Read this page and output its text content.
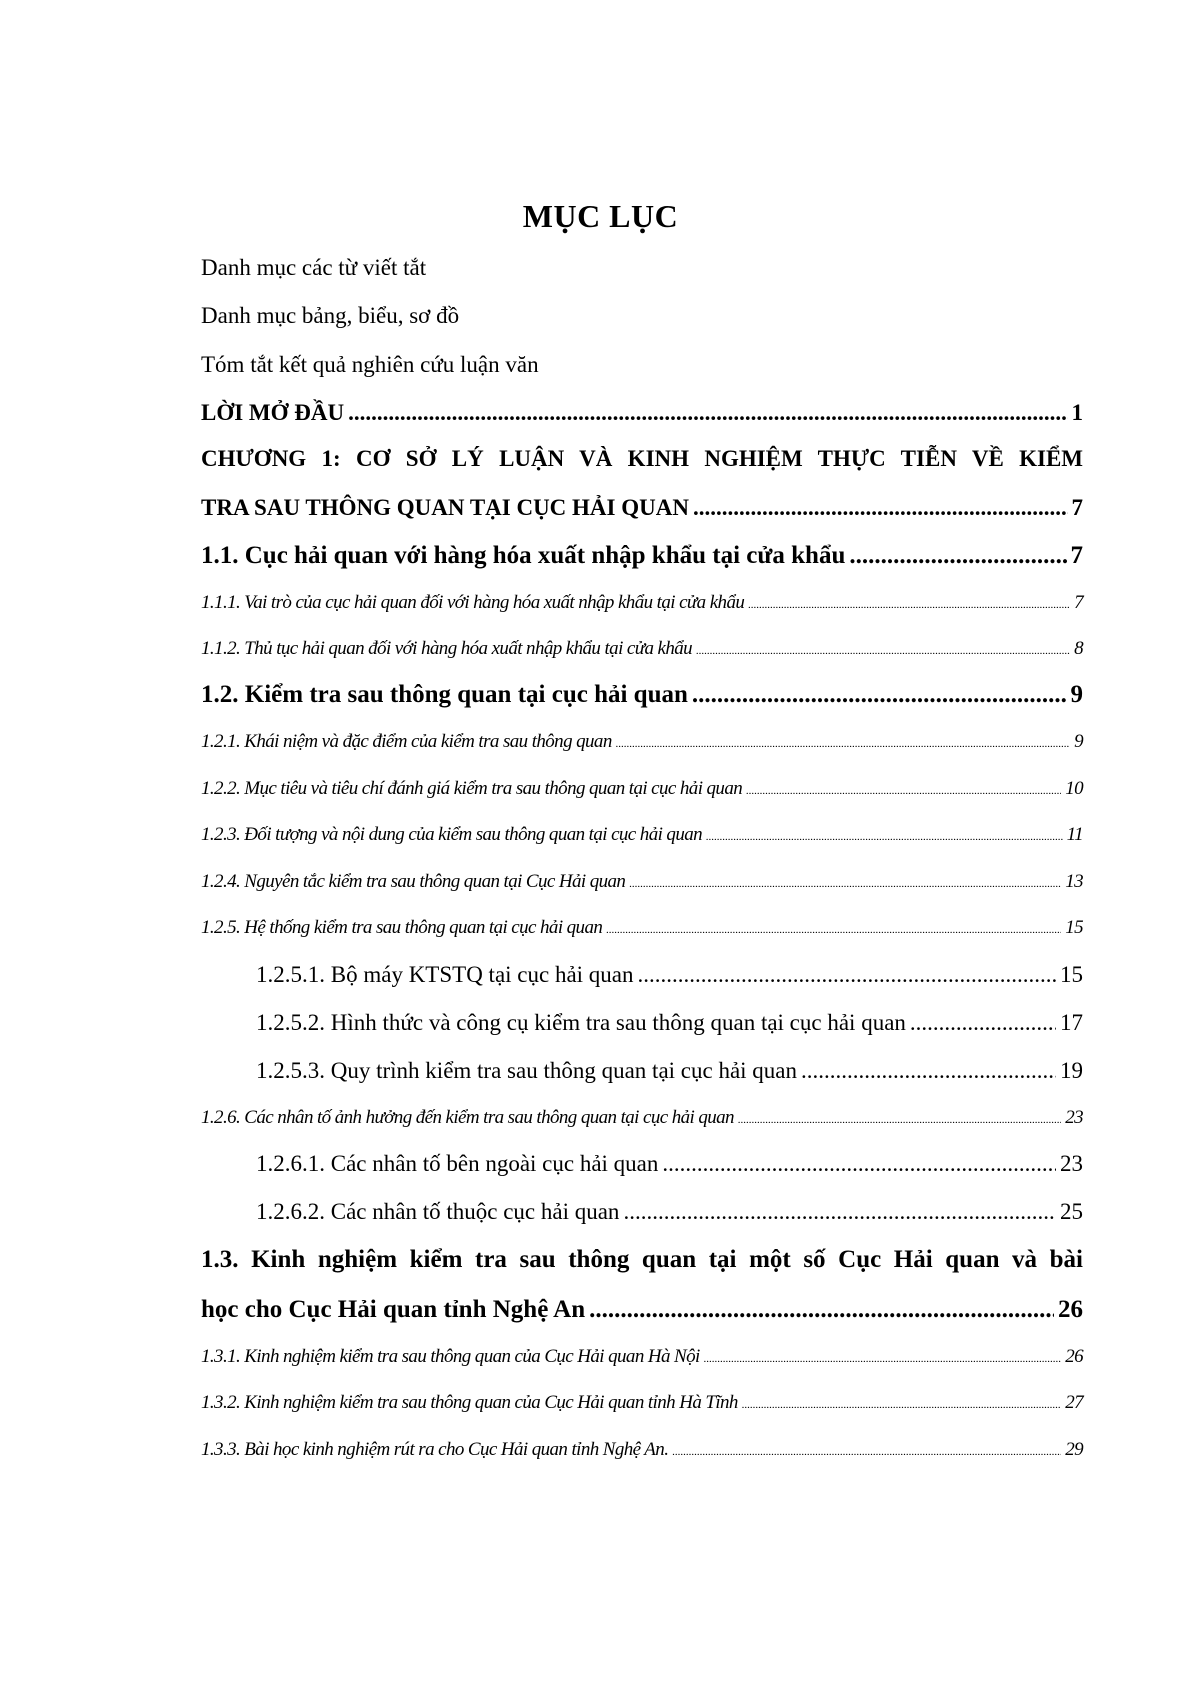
MỤC LỤC
Danh mục các từ viết tắt
Danh mục bảng, biểu, sơ đồ
Tóm tắt kết quả nghiên cứu luận văn
LỜI MỞ ĐẦU .....	1
CHƯƠNG 1: CƠ SỞ LÝ LUẬN VÀ KINH NGHIỆM THỰC TIỄN VỀ KIỂM
TRA SAU THÔNG QUAN TẠI CỤC HẢI QUAN .....	7
1.1. Cục hải quan với hàng hóa xuất nhập khẩu tại cửa khẩu .....	7
1.1.1. Vai trò của cục hải quan đối với hàng hóa xuất nhập khẩu tại cửa khẩu .....	7
1.1.2. Thủ tục hải quan đối với hàng hóa xuất nhập khẩu tại cửa khẩu .....	8
1.2. Kiểm tra sau thông quan tại cục hải quan .....	9
1.2.1. Khái niệm và đặc điểm của kiểm tra sau thông quan .....	9
1.2.2. Mục tiêu và tiêu chí đánh giá kiểm tra sau thông quan tại cục hải quan .....	10
1.2.3. Đối tượng và nội dung của kiểm sau thông quan tại cục hải quan .....	11
1.2.4. Nguyên tắc kiểm tra sau thông quan tại Cục Hải quan .....	13
1.2.5. Hệ thống kiểm tra sau thông quan tại cục hải quan .....	15
1.2.5.1. Bộ máy KTSTQ tại cục hải quan .....	15
1.2.5.2. Hình thức và công cụ kiểm tra sau thông quan tại cục hải quan .....	17
1.2.5.3. Quy trình kiểm tra sau thông quan tại cục hải quan .....	19
1.2.6. Các nhân tố ảnh hưởng đến kiểm tra sau thông quan tại cục hải quan .....	23
1.2.6.1. Các nhân tố bên ngoài cục hải quan .....	23
1.2.6.2. Các nhân tố thuộc cục hải quan .....	25
1.3. Kinh nghiệm kiểm tra sau thông quan tại một số Cục Hải quan và bài
học cho Cục Hải quan tỉnh Nghệ An .....	26
1.3.1. Kinh nghiệm kiểm tra sau thông quan của Cục Hải quan Hà Nội .....	26
1.3.2. Kinh nghiệm kiểm tra sau thông quan của Cục Hải quan tỉnh Hà Tĩnh .....	27
1.3.3. Bài học kinh nghiệm rút ra cho Cục Hải quan tỉnh Nghệ An. .....	29
